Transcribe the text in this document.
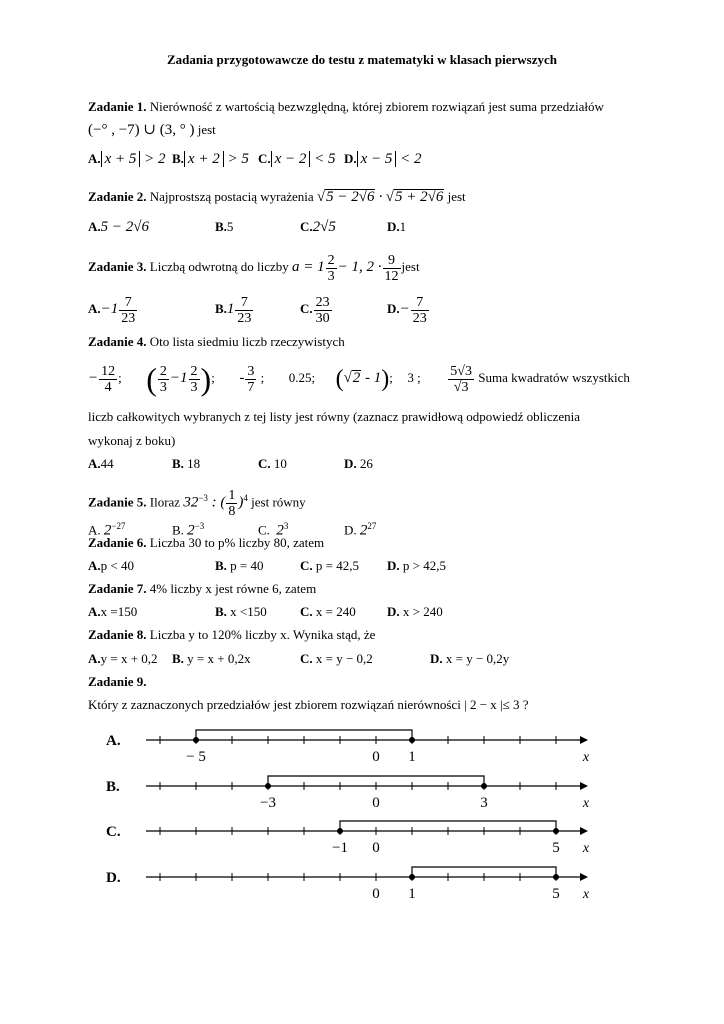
Zadania przygotowawcze do testu z matematyki w klasach pierwszych
Zadanie 1. Nierówność z wartością bezwzględną, której zbiorem rozwiązań jest suma przedziałów
(−° , −7) ∪ (3, ° ) jest
A. x + 5 > 2 B. x + 2 > 5 C. x − 2 < 5 D. x − 5 < 2
Zadanie 2. Najprostszą postacią wyrażenia √5 − 2√6 · √5 + 2√6 jest
A.5 − 2√6	B.5	C.2√5	D.1
Zadanie 3. Liczbą odwrotną do liczby $a = 1 \frac{2}{3} - 1$, $2 \cdot \frac{9}{12}$ jest
$A.-1 \frac{7}{23}$	$B.1 \frac{7}{23}$	C. $\frac{23}{30}$	$D.- \frac{7}{23}$
Zadanie 4. Oto lista siedmiu liczb rzeczywistych
− $\frac{12}{4}$ ; ( $\frac{2}{3} -1 \frac{2}{3}$ ); - $\frac{3}{7}$ ; 0.25; (√2 - 1); 3 ; $\frac{5√3}{√3}$ Suma kwadratów wszystkich
liczb całkowitych wybranych z tej listy jest równy (zaznacz prawidłową odpowiedź obliczenia
wykonaj z boku)
A.44	B. 18	C. 10	D. 26
Zadanie 5. Iloraz $32^{-3}$ : ( $\frac{1}{8} )^4$ jest równy
A. $2^{-27}$	B. $2^{-3}$	C. $2^3$	D. $2^{27}$
Zadanie 6. Liczba 30 to p% liczby 80, zatem
A.p < 40	B. p = 40	C. p = 42,5 D. p > 42,5
Zadanie 7. 4% liczby x jest równe 6, zatem
A.x =150	B. x <150	C. x = 240 D. x > 240
Zadanie 8. Liczba y to 120% liczby x. Wynika stąd, że
A.y = x + 0,2 B. y = x + 0,2x	C. x = y − 0,2	D. x = y − 0,2y
Zadanie 9.
Który z zaznaczonych przedziałów jest zbiorem rozwiązań nierówności | 2 − x |≤ 3 ?
A.
− 5	1
0	x
B.
−3	3
0	x
C.
−1	5
0	x
D.
1	5
0	x
